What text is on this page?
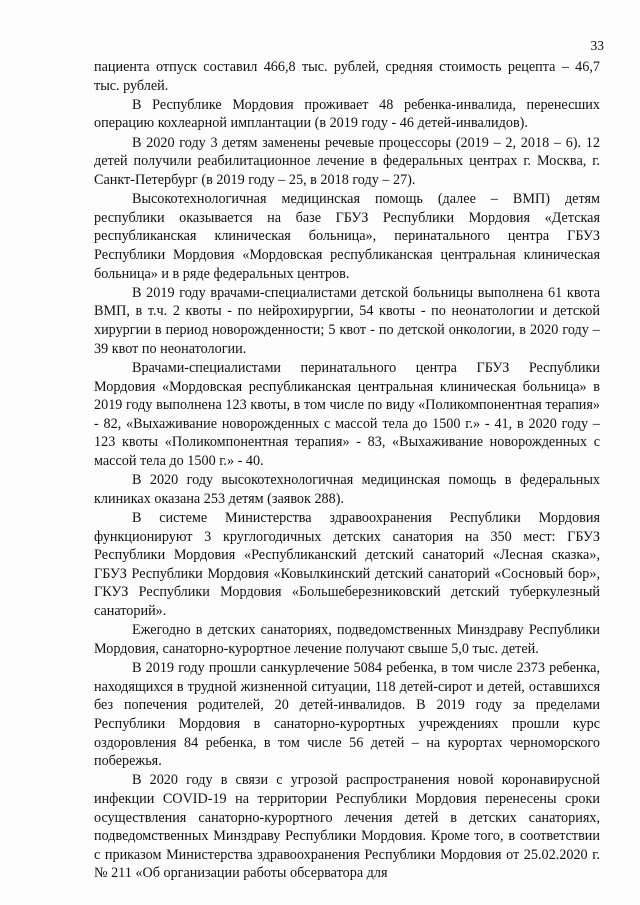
33

пациента отпуск составил 466,8 тыс. рублей, средняя стоимость рецепта – 46,7 тыс. рублей.

В Республике Мордовия проживает 48 ребенка-инвалида, перенесших операцию кохлеарной имплантации (в 2019 году - 46 детей-инвалидов).

В 2020 году 3 детям заменены речевые процессоры (2019 – 2, 2018 – 6). 12 детей получили реабилитационное лечение в федеральных центрах г. Москва, г. Санкт-Петербург (в 2019 году – 25, в 2018 году – 27).

Высокотехнологичная медицинская помощь (далее – ВМП) детям республики оказывается на базе ГБУЗ Республики Мордовия «Детская республиканская клиническая больница», перинатального центра ГБУЗ Республики Мордовия «Мордовская республиканская центральная клиническая больница» и в ряде федеральных центров.

В 2019 году врачами-специалистами детской больницы выполнена 61 квота ВМП, в т.ч. 2 квоты - по нейрохирургии, 54 квоты - по неонатологии и детской хирургии в период новорожденности; 5 квот - по детской онкологии, в 2020 году – 39 квот по неонатологии.

Врачами-специалистами перинатального центра ГБУЗ Республики Мордовия «Мордовская республиканская центральная клиническая больница» в 2019 году выполнена 123 квоты, в том числе по виду «Поликомпонентная терапия» - 82, «Выхаживание новорожденных с массой тела до 1500 г.» - 41, в 2020 году – 123 квоты «Поликомпонентная терапия» - 83, «Выхаживание новорожденных с массой тела до 1500 г.» - 40.

В 2020 году высокотехнологичная медицинская помощь в федеральных клиниках оказана 253 детям (заявок 288).

В системе Министерства здравоохранения Республики Мордовия функционируют 3 круглогодичных детских санатория на 350 мест: ГБУЗ Республики Мордовия «Республиканский детский санаторий «Лесная сказка», ГБУЗ Республики Мордовия «Ковылкинский детский санаторий «Сосновый бор», ГКУЗ Республики Мордовия «Большеберезниковский детский туберкулезный санаторий».

Ежегодно в детских санаториях, подведомственных Минздраву Республики Мордовия, санаторно-курортное лечение получают свыше 5,0 тыс. детей.

В 2019 году прошли санкурлечение 5084 ребенка, в том числе 2373 ребенка, находящихся в трудной жизненной ситуации, 118 детей-сирот и детей, оставшихся без попечения родителей, 20 детей-инвалидов. В 2019 году за пределами Республики Мордовия в санаторно-курортных учреждениях прошли курс оздоровления 84 ребенка, в том числе 56 детей – на курортах черноморского побережья.

В 2020 году в связи с угрозой распространения новой коронавирусной инфекции COVID-19 на территории Республики Мордовия перенесены сроки осуществления санаторно-курортного лечения детей в детских санаториях, подведомственных Минздраву Республики Мордовия. Кроме того, в соответствии с приказом Министерства здравоохранения Республики Мордовия от 25.02.2020 г. № 211 «Об организации работы обсерватора для
